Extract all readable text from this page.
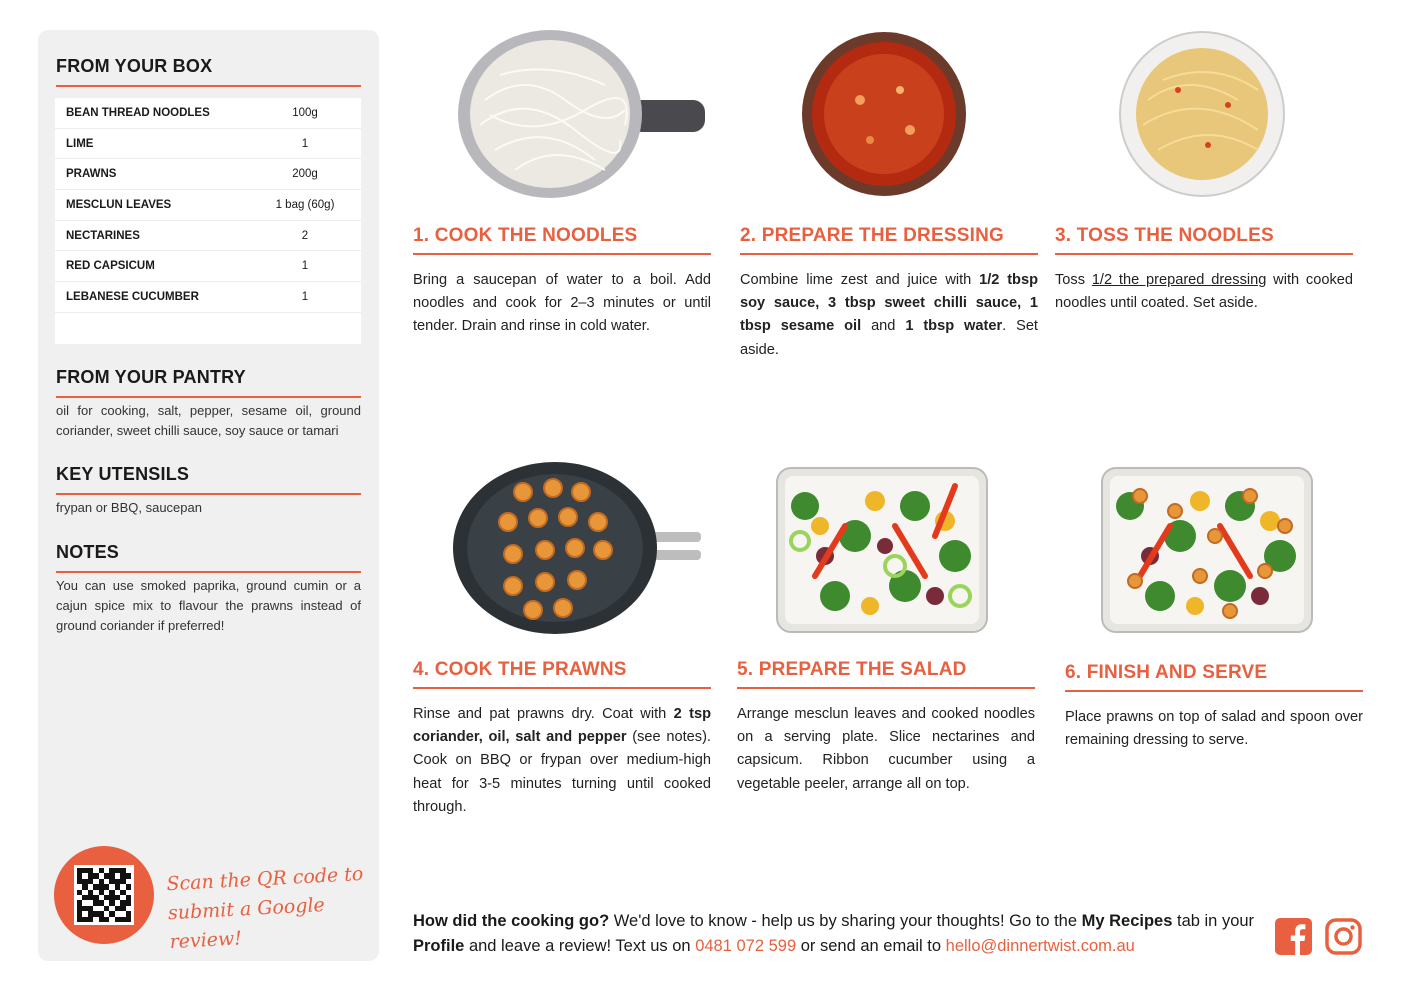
FROM YOUR BOX
BEAN THREAD NOODLES	100g
LIME	1
PRAWNS	200g
MESCLUN LEAVES	1 bag (60g)
NECTARINES	2
RED CAPSICUM	1
LEBANESE CUCUMBER	1
FROM YOUR PANTRY
oil for cooking, salt, pepper, sesame oil, ground coriander, sweet chilli sauce, soy sauce or tamari
KEY UTENSILS
frypan or BBQ, saucepan
NOTES
You can use smoked paprika, ground cumin or a cajun spice mix to flavour the prawns instead of ground coriander if preferred!
Scan the QR code to
submit a Google review!
1. COOK THE NOODLES
Bring a saucepan of water to a boil. Add noodles and cook for 2–3 minutes or until tender. Drain and rinse in cold water.
2. PREPARE THE DRESSING
Combine lime zest and juice with 1/2 tbsp soy sauce, 3 tbsp sweet chilli sauce, 1 tbsp sesame oil and 1 tbsp water. Set aside.
3. TOSS THE NOODLES
Toss 1/2 the prepared dressing with cooked noodles until coated. Set aside.
4. COOK THE PRAWNS
Rinse and pat prawns dry. Coat with 2 tsp coriander, oil, salt and pepper (see notes). Cook on BBQ or frypan over medium-high heat for 3-5 minutes turning until cooked through.
5. PREPARE THE SALAD
Arrange mesclun leaves and cooked noodles on a serving plate. Slice nectarines and capsicum. Ribbon cucumber using a vegetable peeler, arrange all on top.
6. FINISH AND SERVE
Place prawns on top of salad and spoon over remaining dressing to serve.
How did the cooking go? We'd love to know - help us by sharing your thoughts! Go to the My Recipes tab in your Profile and leave a review! Text us on 0481 072 599 or send an email to hello@dinnertwist.com.au
